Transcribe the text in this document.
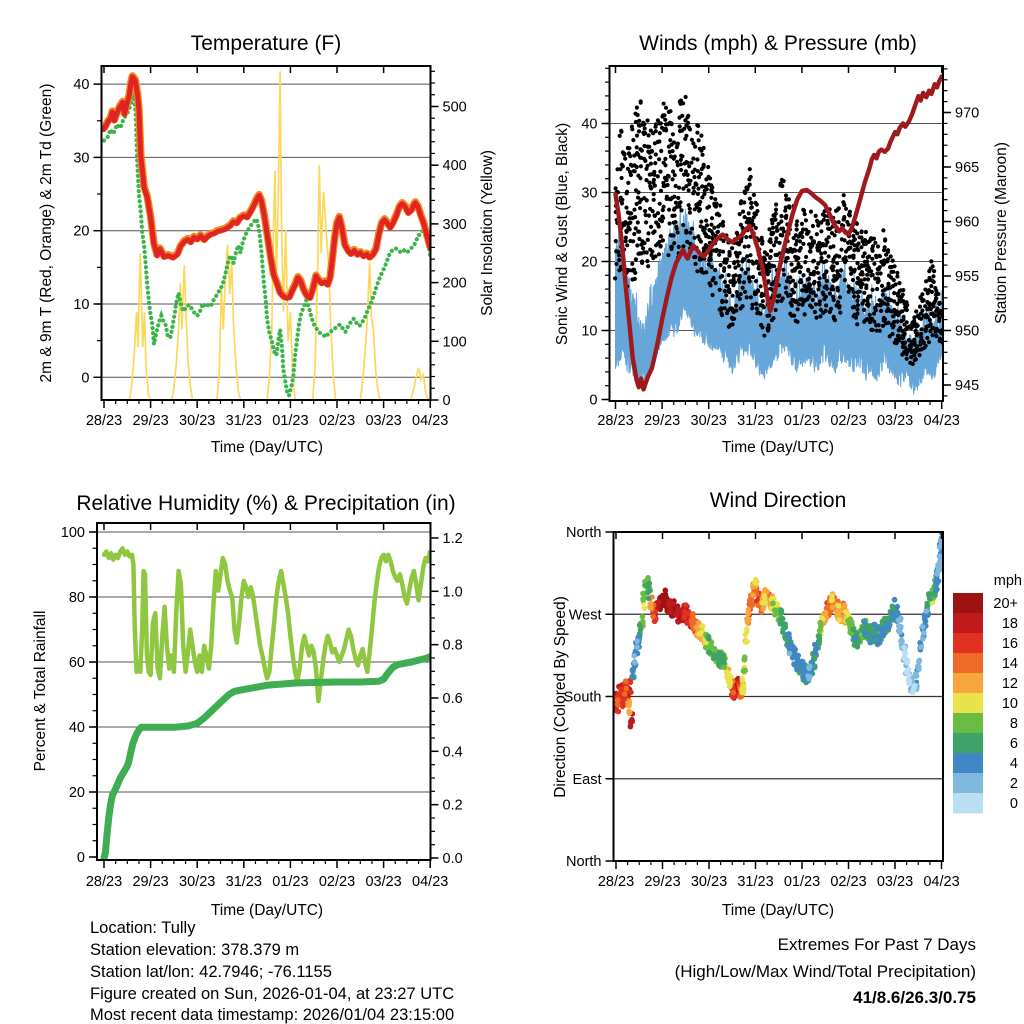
Temperature (F)
2m & 9m T (Red, Orange) & 2m Td (Green)	Solar Insolation (Yellow)
Time (Day/UTC)
0
10
20
30
40
0
100
200
300
400
500
28/23 29/23 30/23 31/23 01/23 02/23 03/23 04/23
Winds (mph) & Pressure (mb)
Sonic Wind & Gust (Blue, Black)	Station Pressure (Maroon)
Time (Day/UTC)
0
10
20
30
40
945
950
955
960
965
970
28/23 29/23 30/23 31/23 01/23 02/23 03/23 04/23
Relative Humidity (%) & Precipitation (in)
Percent & Total Rainfall
Time (Day/UTC)
0
20
40
60
80
100
0.0
0.2
0.4
0.6
0.8
1.0
1.2
28/23 29/23 30/23 31/23 01/23 02/23 03/23 04/23
Wind Direction
Direction (Colored By Speed)
Time (Day/UTC)
North
West
South
East
North
28/23 29/23 30/23 31/23 01/23 02/23 03/23 04/23
mph
20+
18
16
14
12
10
8
6
4
2
0
Location: Tully
Station elevation: 378.379 m
Station lat/lon: 42.7946; -76.1155
Figure created on Sun, 2026-01-04, at 23:27 UTC
Most recent data timestamp: 2026/01/04 23:15:00
Extremes For Past 7 Days
(High/Low/Max Wind/Total Precipitation)
41/8.6/26.3/0.75
